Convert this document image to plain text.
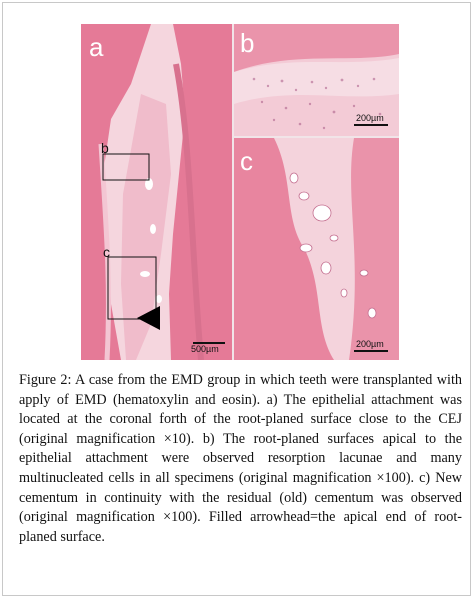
a
b
c
500µm
b
200µm
c
200µm

Figure 2: A case from the EMD group in which teeth were transplanted with apply of EMD (hematoxylin and eosin). a) The epithelial attachment was located at the coronal forth of the root-planed surface close to the CEJ (original magnification ×10). b) The root-planed surfaces apical to the epithelial attachment were observed resorption lacunae and many multinucleated cells in all specimens (original magnification ×100). c) New cementum in continuity with the residual (old) cementum was observed (original magnification ×100). Filled arrowhead=the apical end of root-planed surface.
